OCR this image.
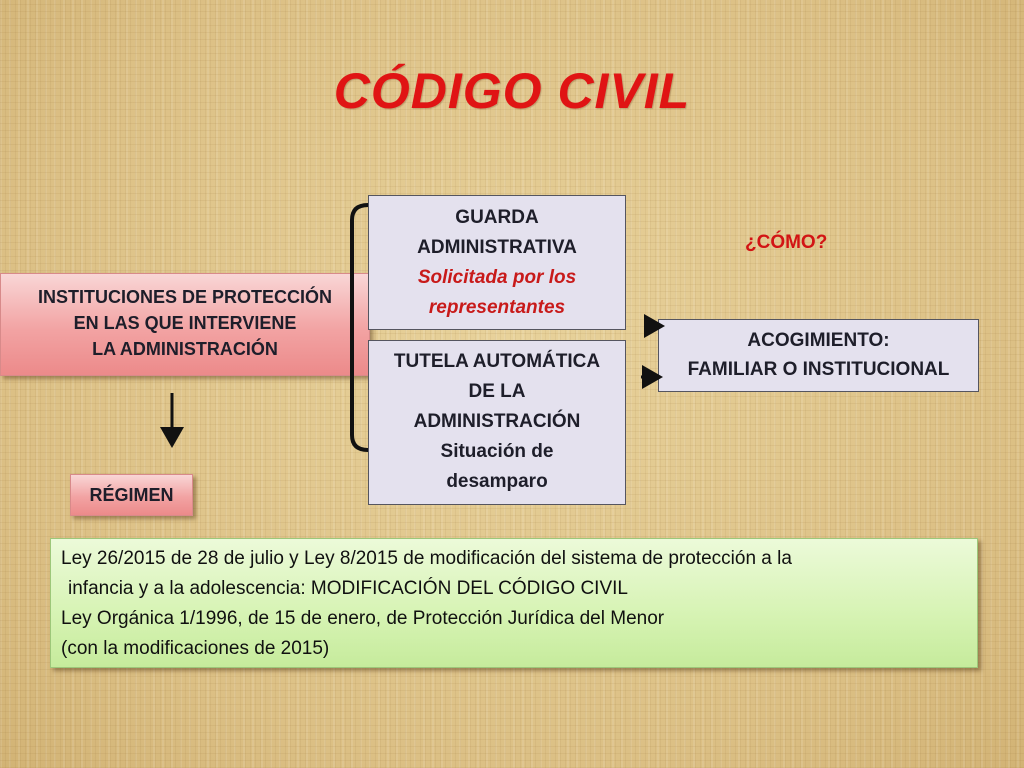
CÓDIGO CIVIL
INSTITUCIONES DE PROTECCIÓN
EN LAS QUE INTERVIENE
LA ADMINISTRACIÓN
RÉGIMEN
GUARDA
ADMINISTRATIVA
Solicitada por los
representantes
TUTELA AUTOMÁTICA
DE LA
ADMINISTRACIÓN
Situación de
desamparo
¿CÓMO?
ACOGIMIENTO:
FAMILIAR O INSTITUCIONAL
Ley 26/2015 de 28 de julio y Ley 8/2015 de modificación del sistema de protección a la
infancia y a la adolescencia: MODIFICACIÓN DEL CÓDIGO CIVIL
Ley Orgánica 1/1996, de 15 de enero, de Protección Jurídica del Menor
(con la modificaciones de 2015)
